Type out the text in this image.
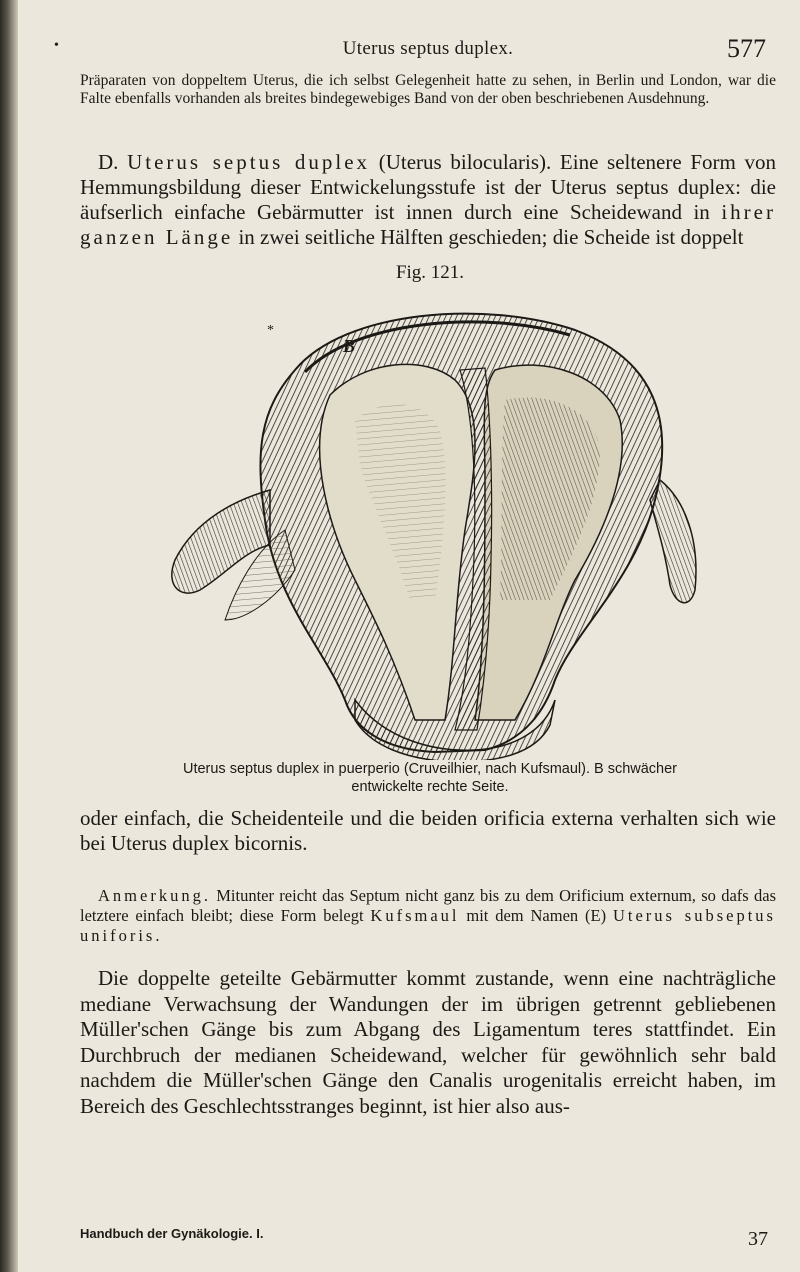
•	Uterus septus duplex.	577

Präparaten von doppeltem Uterus, die ich selbst Gelegenheit hatte zu sehen, in Berlin und London, war die Falte ebenfalls vorhanden als breites bindegewebiges Band von der oben beschriebenen Ausdehnung.

D. Uterus septus duplex (Uterus bilocularis). Eine seltenere Form von Hemmungsbildung dieser Entwickelungsstufe ist der Uterus septus duplex: die äufserlich einfache Gebärmutter ist innen durch eine Scheidewand in ihrer ganzen Länge in zwei seitliche Hälften geschieden; die Scheide ist doppelt

Fig. 121.
B
*
Uterus septus duplex in puerperio (Cruveilhier, nach Kufsmaul). B schwächer
entwickelte rechte Seite.

oder einfach, die Scheidenteile und die beiden orificia externa verhalten sich wie bei Uterus duplex bicornis.

Anmerkung. Mitunter reicht das Septum nicht ganz bis zu dem Orificium externum, so dafs das letztere einfach bleibt; diese Form belegt Kufsmaul mit dem Namen (E) Uterus subseptus uniforis.

Die doppelte geteilte Gebärmutter kommt zustande, wenn eine nachträgliche mediane Verwachsung der Wandungen der im übrigen getrennt gebliebenen Müller'schen Gänge bis zum Abgang des Ligamentum teres stattfindet. Ein Durchbruch der medianen Scheidewand, welcher für gewöhnlich sehr bald nachdem die Müller'schen Gänge den Canalis urogenitalis erreicht haben, im Bereich des Geschlechtsstranges beginnt, ist hier also aus-

Handbuch der Gynäkologie. I.	37
